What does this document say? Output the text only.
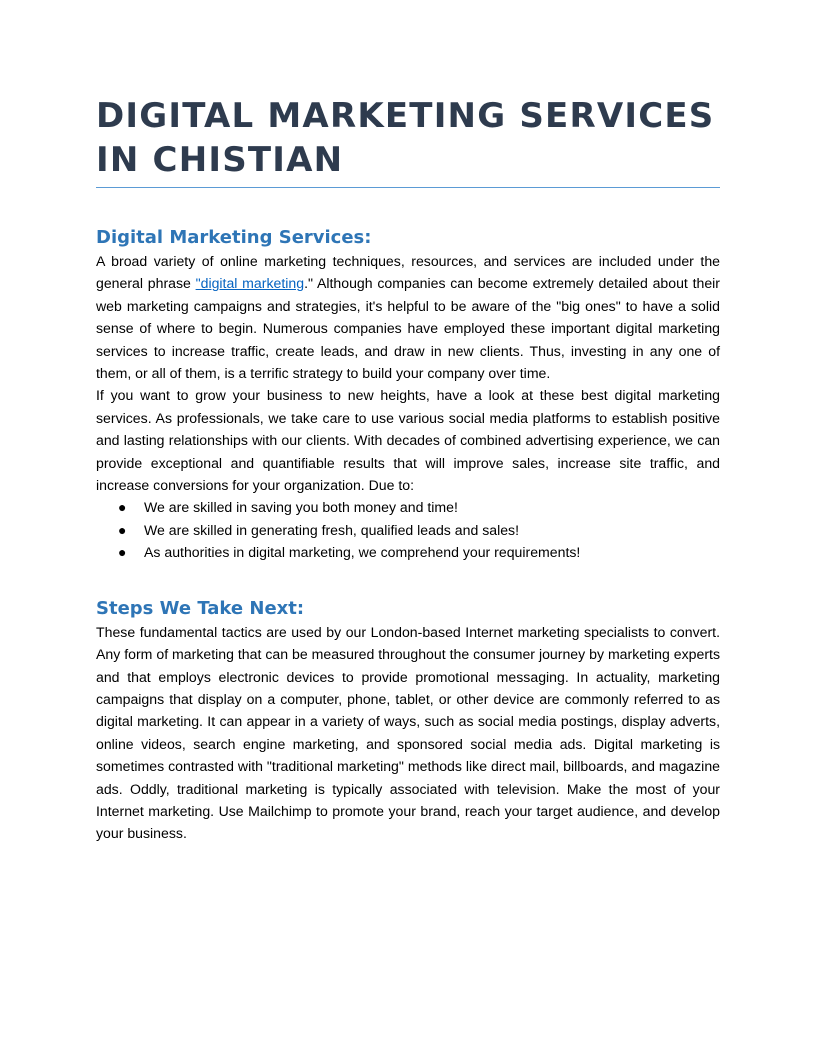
DIGITAL MARKETING SERVICES IN CHISTIAN
Digital Marketing Services:

A broad variety of online marketing techniques, resources, and services are included under the general phrase "digital marketing." Although companies can become extremely detailed about their web marketing campaigns and strategies, it's helpful to be aware of the "big ones" to have a solid sense of where to begin. Numerous companies have employed these important digital marketing services to increase traffic, create leads, and draw in new clients. Thus, investing in any one of them, or all of them, is a terrific strategy to build your company over time.

If you want to grow your business to new heights, have a look at these best digital marketing services. As professionals, we take care to use various social media platforms to establish positive and lasting relationships with our clients. With decades of combined advertising experience, we can provide exceptional and quantifiable results that will improve sales, increase site traffic, and increase conversions for your organization. Due to:

● We are skilled in saving you both money and time!
● We are skilled in generating fresh, qualified leads and sales!
● As authorities in digital marketing, we comprehend your requirements!
Steps We Take Next:

These fundamental tactics are used by our London-based Internet marketing specialists to convert. Any form of marketing that can be measured throughout the consumer journey by marketing experts and that employs electronic devices to provide promotional messaging. In actuality, marketing campaigns that display on a computer, phone, tablet, or other device are commonly referred to as digital marketing. It can appear in a variety of ways, such as social media postings, display adverts, online videos, search engine marketing, and sponsored social media ads. Digital marketing is sometimes contrasted with "traditional marketing" methods like direct mail, billboards, and magazine ads. Oddly, traditional marketing is typically associated with television. Make the most of your Internet marketing. Use Mailchimp to promote your brand, reach your target audience, and develop your business.
